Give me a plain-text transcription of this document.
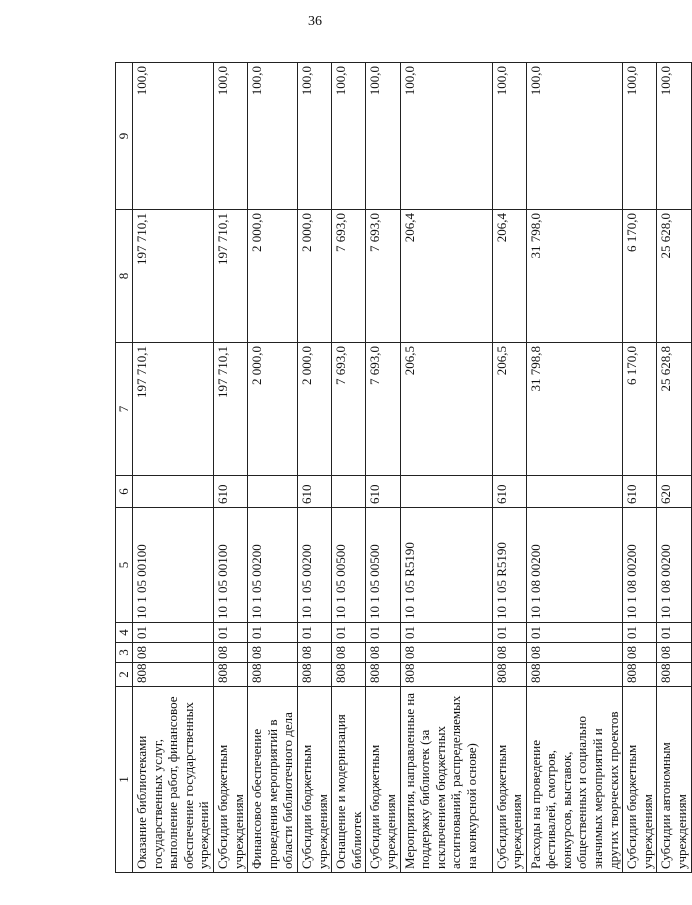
36
1	2	3	4	5	6	7	8	9
Оказание библиотеками государственных услуг, выполнение работ, финансовое обеспечение государственных учреждений	808	08	01	10 1 05 00100		197 710,1	197 710,1	100,0
Субсидии бюджетным учреждениям	808	08	01	10 1 05 00100	610	197 710,1	197 710,1	100,0
Финансовое обеспечение проведения мероприятий в области библиотечного дела	808	08	01	10 1 05 00200		2 000,0	2 000,0	100,0
Субсидии бюджетным учреждениям	808	08	01	10 1 05 00200	610	2 000,0	2 000,0	100,0
Оснащение и модернизация библиотек	808	08	01	10 1 05 00500		7 693,0	7 693,0	100,0
Субсидии бюджетным учреждениям	808	08	01	10 1 05 00500	610	7 693,0	7 693,0	100,0
Мероприятия, направленные на поддержку библиотек (за исключением бюджетных ассигнований, распределяемых на конкурсной основе)	808	08	01	10 1 05 R5190		206,5	206,4	100,0
Субсидии бюджетным учреждениям	808	08	01	10 1 05 R5190	610	206,5	206,4	100,0
Расходы на проведение фестивалей, смотров, конкурсов, выставок, общественных и социально значимых мероприятий и других творческих проектов	808	08	01	10 1 08 00200		31 798,8	31 798,0	100,0
Субсидии бюджетным учреждениям	808	08	01	10 1 08 00200	610	6 170,0	6 170,0	100,0
Субсидии автономным учреждениям	808	08	01	10 1 08 00200	620	25 628,8	25 628,0	100,0
